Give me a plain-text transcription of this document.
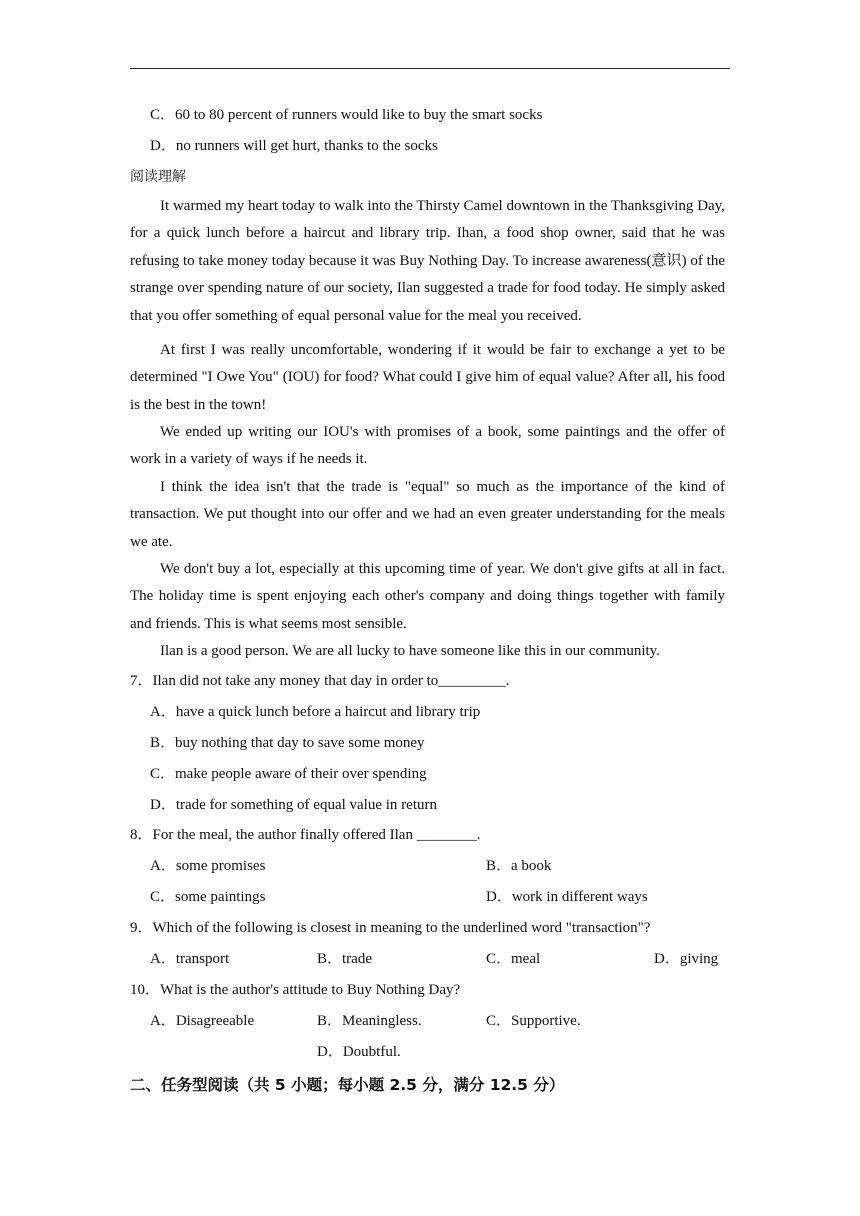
C．60 to 80 percent of runners would like to buy the smart socks
D．no runners will get hurt, thanks to the socks
阅读理解
It warmed my heart today to walk into the Thirsty Camel downtown in the Thanksgiving Day, for a quick lunch before a haircut and library trip. Ihan, a food shop owner, said that he was refusing to take money today because it was Buy Nothing Day. To increase awareness(意识) of the strange over spending nature of our society, Ilan suggested a trade for food today. He simply asked that you offer something of equal personal value for the meal you received.
At first I was really uncomfortable, wondering if it would be fair to exchange a yet to be determined "I Owe You" (IOU) for food? What could I give him of equal value? After all, his food is the best in the town!
We ended up writing our IOU's with promises of a book, some paintings and the offer of work in a variety of ways if he needs it.
I think the idea isn't that the trade is "equal" so much as the importance of the kind of transaction. We put thought into our offer and we had an even greater understanding for the meals we ate.
We don't buy a lot, especially at this upcoming time of year. We don't give gifts at all in fact. The holiday time is spent enjoying each other's company and doing things together with family and friends. This is what seems most sensible.
Ilan is a good person. We are all lucky to have someone like this in our community.
7．Ilan did not take any money that day in order to_________.
A．have a quick lunch before a haircut and library trip
B．buy nothing that day to save some money
C．make people aware of their over spending
D．trade for something of equal value in return
8．For the meal, the author finally offered Ilan ________.
A．some promises	B．a book
C．some paintings	D．work in different ways
9．Which of the following is closest in meaning to the underlined word "transaction"?
A．transport	B．trade	C．meal	D．giving
10．What is the author's attitude to Buy Nothing Day?
A．Disagreeable	B．Meaningless.	C．Supportive.
D．Doubtful.
二、任务型阅读（共 5 小题；每小题 2.5 分，满分 12.5 分）
